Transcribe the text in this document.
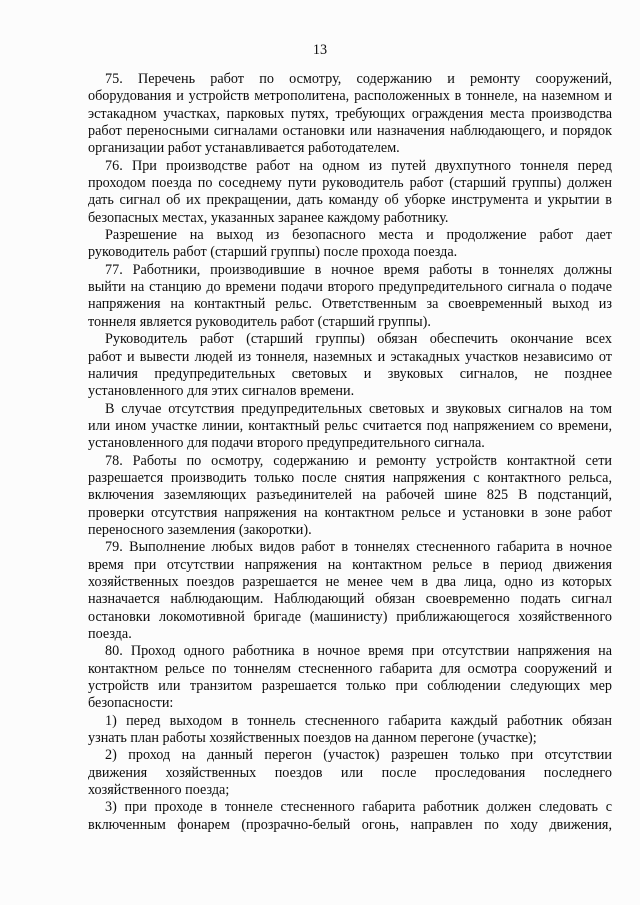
13
75. Перечень работ по осмотру, содержанию и ремонту сооружений,
оборудования и устройств метрополитена, расположенных в тоннеле, на наземном и
эстакадном участках, парковых путях, требующих ограждения места производства
работ переносными сигналами остановки или назначения наблюдающего, и порядок
организации работ устанавливается работодателем.
76. При производстве работ на одном из путей двухпутного тоннеля перед
проходом поезда по соседнему пути руководитель работ (старший группы) должен
дать сигнал об их прекращении, дать команду об уборке инструмента и укрытии в
безопасных местах, указанных заранее каждому работнику.
Разрешение на выход из безопасного места и продолжение работ дает
руководитель работ (старший группы) после прохода поезда.
77. Работники, производившие в ночное время работы в тоннелях должны
выйти на станцию до времени подачи второго предупредительного сигнала о подаче
напряжения на контактный рельс. Ответственным за своевременный выход из
тоннеля является руководитель работ (старший группы).
Руководитель работ (старший группы) обязан обеспечить окончание всех
работ и вывести людей из тоннеля, наземных и эстакадных участков независимо от
наличия предупредительных световых и звуковых сигналов, не позднее
установленного для этих сигналов времени.
В случае отсутствия предупредительных световых и звуковых сигналов на том
или ином участке линии, контактный рельс считается под напряжением со времени,
установленного для подачи второго предупредительного сигнала.
78. Работы по осмотру, содержанию и ремонту устройств контактной сети
разрешается производить только после снятия напряжения с контактного рельса,
включения заземляющих разъединителей на рабочей шине 825 В подстанций,
проверки отсутствия напряжения на контактном рельсе и установки в зоне работ
переносного заземления (закоротки).
79. Выполнение любых видов работ в тоннелях стесненного габарита в ночное
время при отсутствии напряжения на контактном рельсе в период движения
хозяйственных поездов разрешается не менее чем в два лица, одно из которых
назначается наблюдающим. Наблюдающий обязан своевременно подать сигнал
остановки локомотивной бригаде (машинисту) приближающегося хозяйственного
поезда.
80. Проход одного работника в ночное время при отсутствии напряжения на
контактном рельсе по тоннелям стесненного габарита для осмотра сооружений и
устройств или транзитом разрешается только при соблюдении следующих мер
безопасности:
1) перед выходом в тоннель стесненного габарита каждый работник обязан
узнать план работы хозяйственных поездов на данном перегоне (участке);
2) проход на данный перегон (участок) разрешен только при отсутствии
движения хозяйственных поездов или после проследования последнего
хозяйственного поезда;
3) при проходе в тоннеле стесненного габарита работник должен следовать с
включенным фонарем (прозрачно-белый огонь, направлен по ходу движения,
